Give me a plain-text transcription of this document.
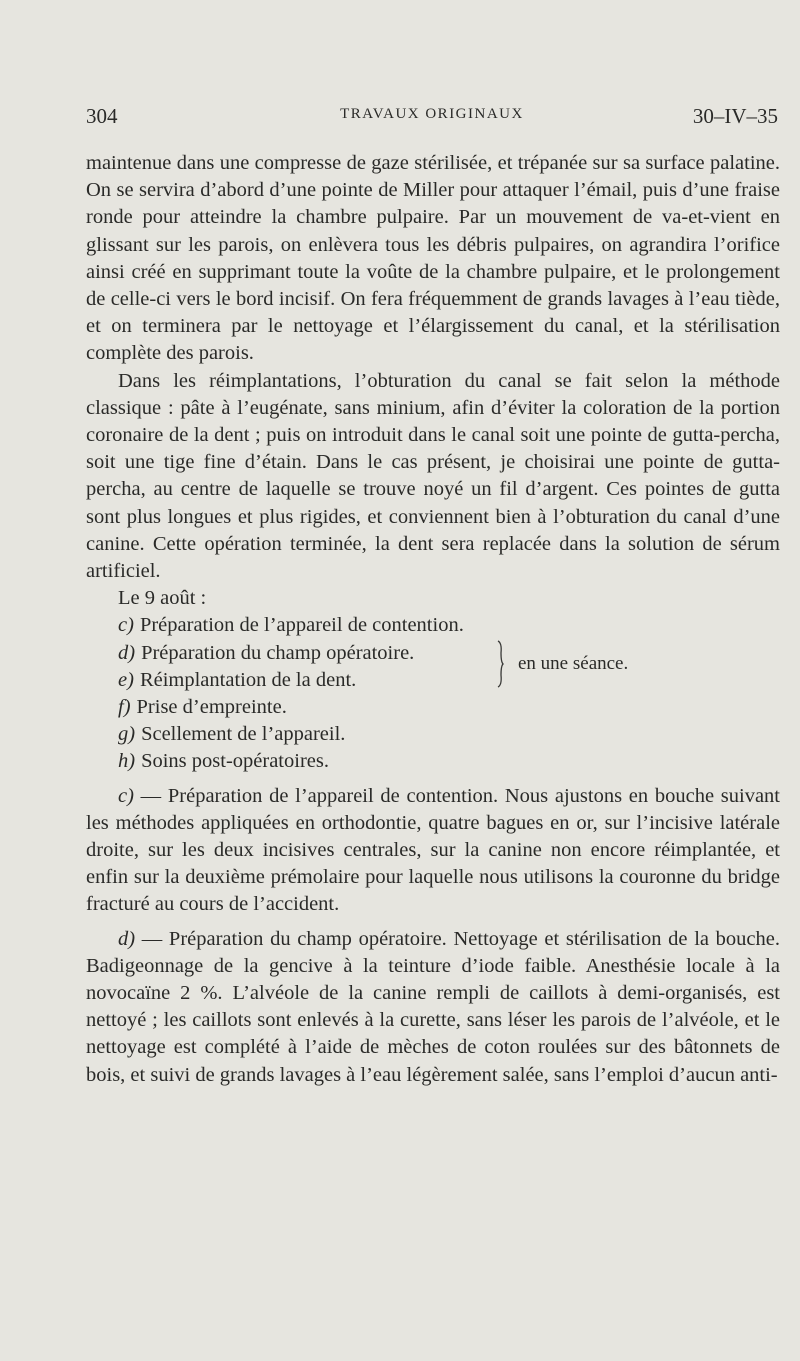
304	TRAVAUX ORIGINAUX	30–IV–35

maintenue dans une compresse de gaze stérilisée, et trépanée sur sa surface palatine. On se servira d’abord d’une pointe de Miller pour attaquer l’émail, puis d’une fraise ronde pour atteindre la chambre pulpaire. Par un mouvement de va-et-vient en glissant sur les parois, on enlèvera tous les débris pulpaires, on agrandira l’orifice ainsi créé en supprimant toute la voûte de la chambre pulpaire, et le prolongement de celle-ci vers le bord incisif. On fera fréquemment de grands lavages à l’eau tiède, et on terminera par le nettoyage et l’élargissement du canal, et la stérilisation complète des parois.

Dans les réimplantations, l’obturation du canal se fait selon la méthode classique : pâte à l’eugénate, sans minium, afin d’éviter la coloration de la portion coronaire de la dent ; puis on introduit dans le canal soit une pointe de gutta-percha, soit une tige fine d’étain. Dans le cas présent, je choisirai une pointe de gutta-percha, au centre de laquelle se trouve noyé un fil d’argent. Ces pointes de gutta sont plus longues et plus rigides, et conviennent bien à l’obturation du canal d’une canine. Cette opération terminée, la dent sera replacée dans la solution de sérum artificiel.

Le 9 août :

c) Préparation de l’appareil de contention.
d) Préparation du champ opératoire.
e) Réimplantation de la dent.
f) Prise d’empreinte.
g) Scellement de l’appareil.
h) Soins post-opératoires.
en une séance.

c) — Préparation de l’appareil de contention. Nous ajustons en bouche suivant les méthodes appliquées en orthodontie, quatre bagues en or, sur l’incisive latérale droite, sur les deux incisives centrales, sur la canine non encore réimplantée, et enfin sur la deuxième prémolaire pour laquelle nous utilisons la couronne du bridge fracturé au cours de l’accident.

d) — Préparation du champ opératoire. Nettoyage et stérilisation de la bouche. Badigeonnage de la gencive à la teinture d’iode faible. Anesthésie locale à la novocaïne 2 %. L’alvéole de la canine rempli de caillots à demi-organisés, est nettoyé ; les caillots sont enlevés à la curette, sans léser les parois de l’alvéole, et le nettoyage est complété à l’aide de mèches de coton roulées sur des bâtonnets de bois, et suivi de grands lavages à l’eau légèrement salée, sans l’emploi d’aucun anti-
